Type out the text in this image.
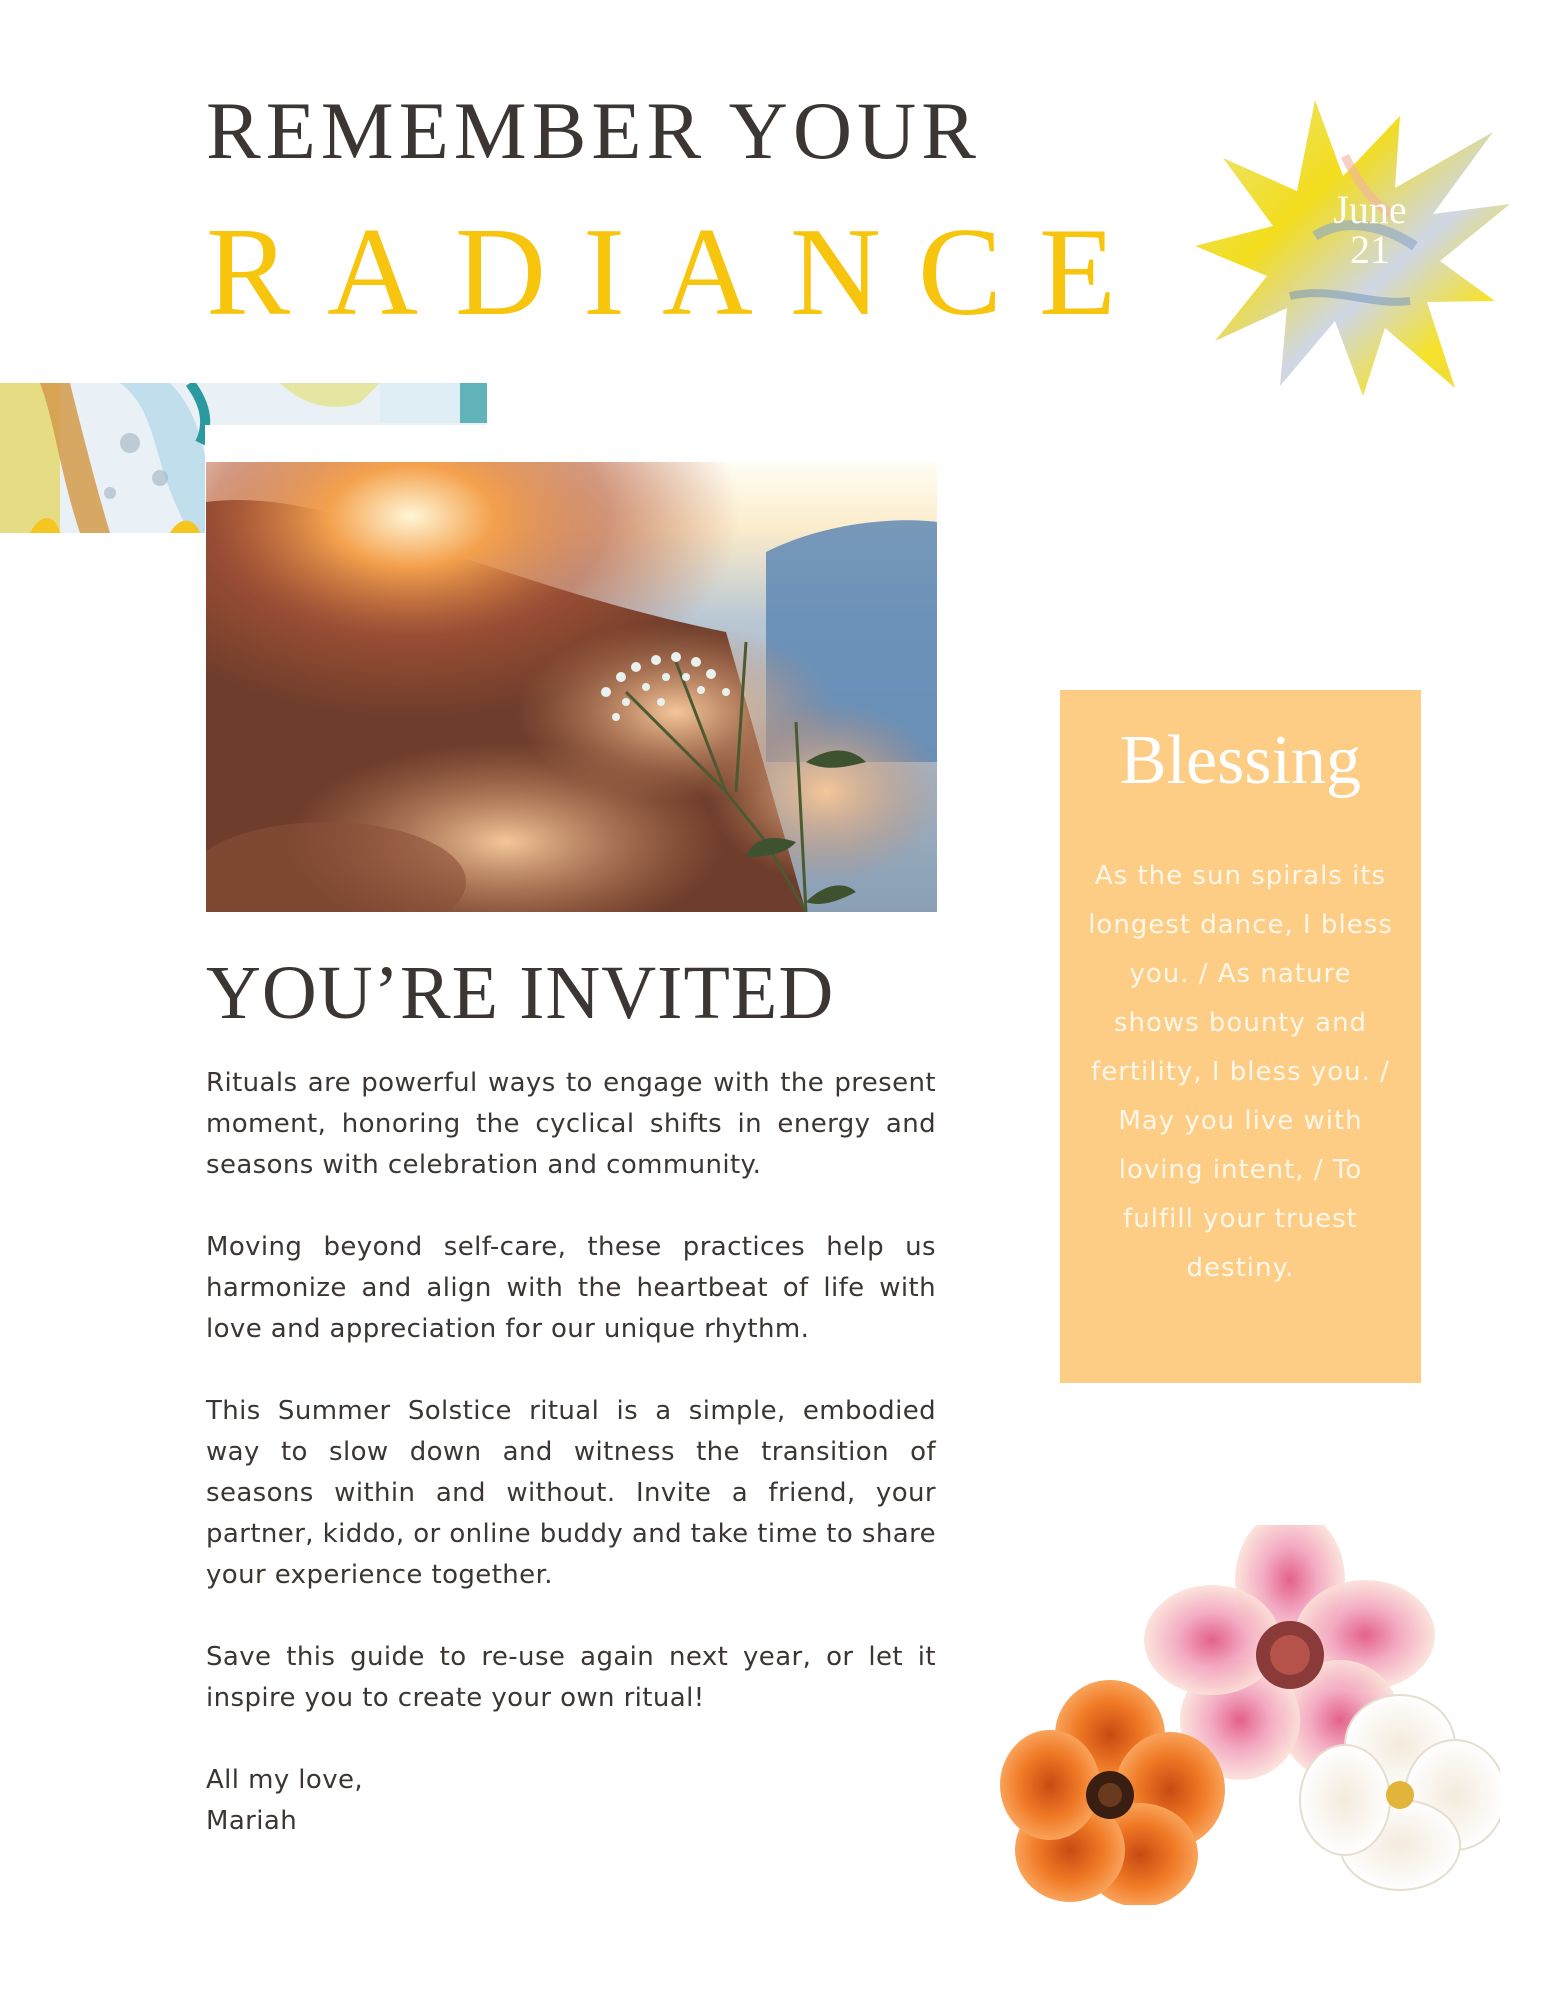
REMEMBER YOUR
RADIANCE	June
21
YOU’RE INVITED

Rituals are powerful ways to engage with the present moment, honoring the cyclical shifts in energy and seasons with celebration and community.

Moving beyond self-care, these practices help us harmonize and align with the heartbeat of life with love and appreciation for our unique rhythm.

This Summer Solstice ritual is a simple, embodied way to slow down and witness the transition of seasons within and without. Invite a friend, your partner, kiddo, or online buddy and take time to share your experience together.

Save this guide to re-use again next year, or let it inspire you to create your own ritual!

All my love,
Mariah
Blessing
As the sun spirals its longest dance, I bless you. / As nature shows bounty and fertility, I bless you. / May you live with loving intent, / To fulfill your truest destiny.
